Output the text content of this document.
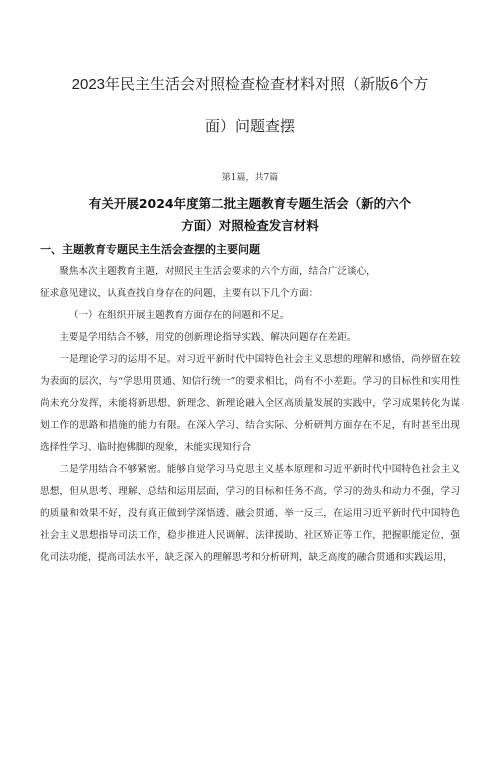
2023年民主生活会对照检查检查材料对照（新版6个方
面）问题查摆
第1篇，共7篇
有关开展2024年度第二批主题教育专题生活会（新的六个
方面）对照检查发言材料
一、主题教育专题民主生活会查摆的主要问题

聚焦本次主题教育主题，对照民主生活会要求的六个方面，结合广泛谈心，

征求意见建议，认真查找自身存在的问题，主要有以下几个方面：

（一）在组织开展主题教育方面存在的问题和不足。

主要是学用结合不够，用党的创新理论指导实践、解决问题存在差距。

一是理论学习的运用不足。对习近平新时代中国特色社会主义思想的理解和感悟，尚停留在较为表面的层次，与“学思用贯通、知信行统一”的要求相比，尚有不小差距。学习的目标性和实用性尚未充分发挥，未能将新思想、新理念、新理论融入全区高质量发展的实践中，学习成果转化为谋划工作的思路和措施的能力有限。在深入学习、结合实际、分析研判方面存在不足，有时甚至出现选择性学习、临时抱佛脚的现象，未能实现知行合

二是学用结合不够紧密。能够自觉学习马克思主义基本原理和习近平新时代中国特色社会主义思想，但从思考、理解、总结和运用层面，学习的目标和任务不高，学习的劲头和动力不强，学习的质量和效果不好，没有真正做到学深悟透、融会贯通、举一反三，在运用习近平新时代中国特色社会主义思想指导司法工作，稳步推进人民调解、法律援助、社区矫正等工作，把握职能定位，强化司法功能，提高司法水平，缺乏深入的理解思考和分析研判，缺乏高度的融合贯通和实践运用，
